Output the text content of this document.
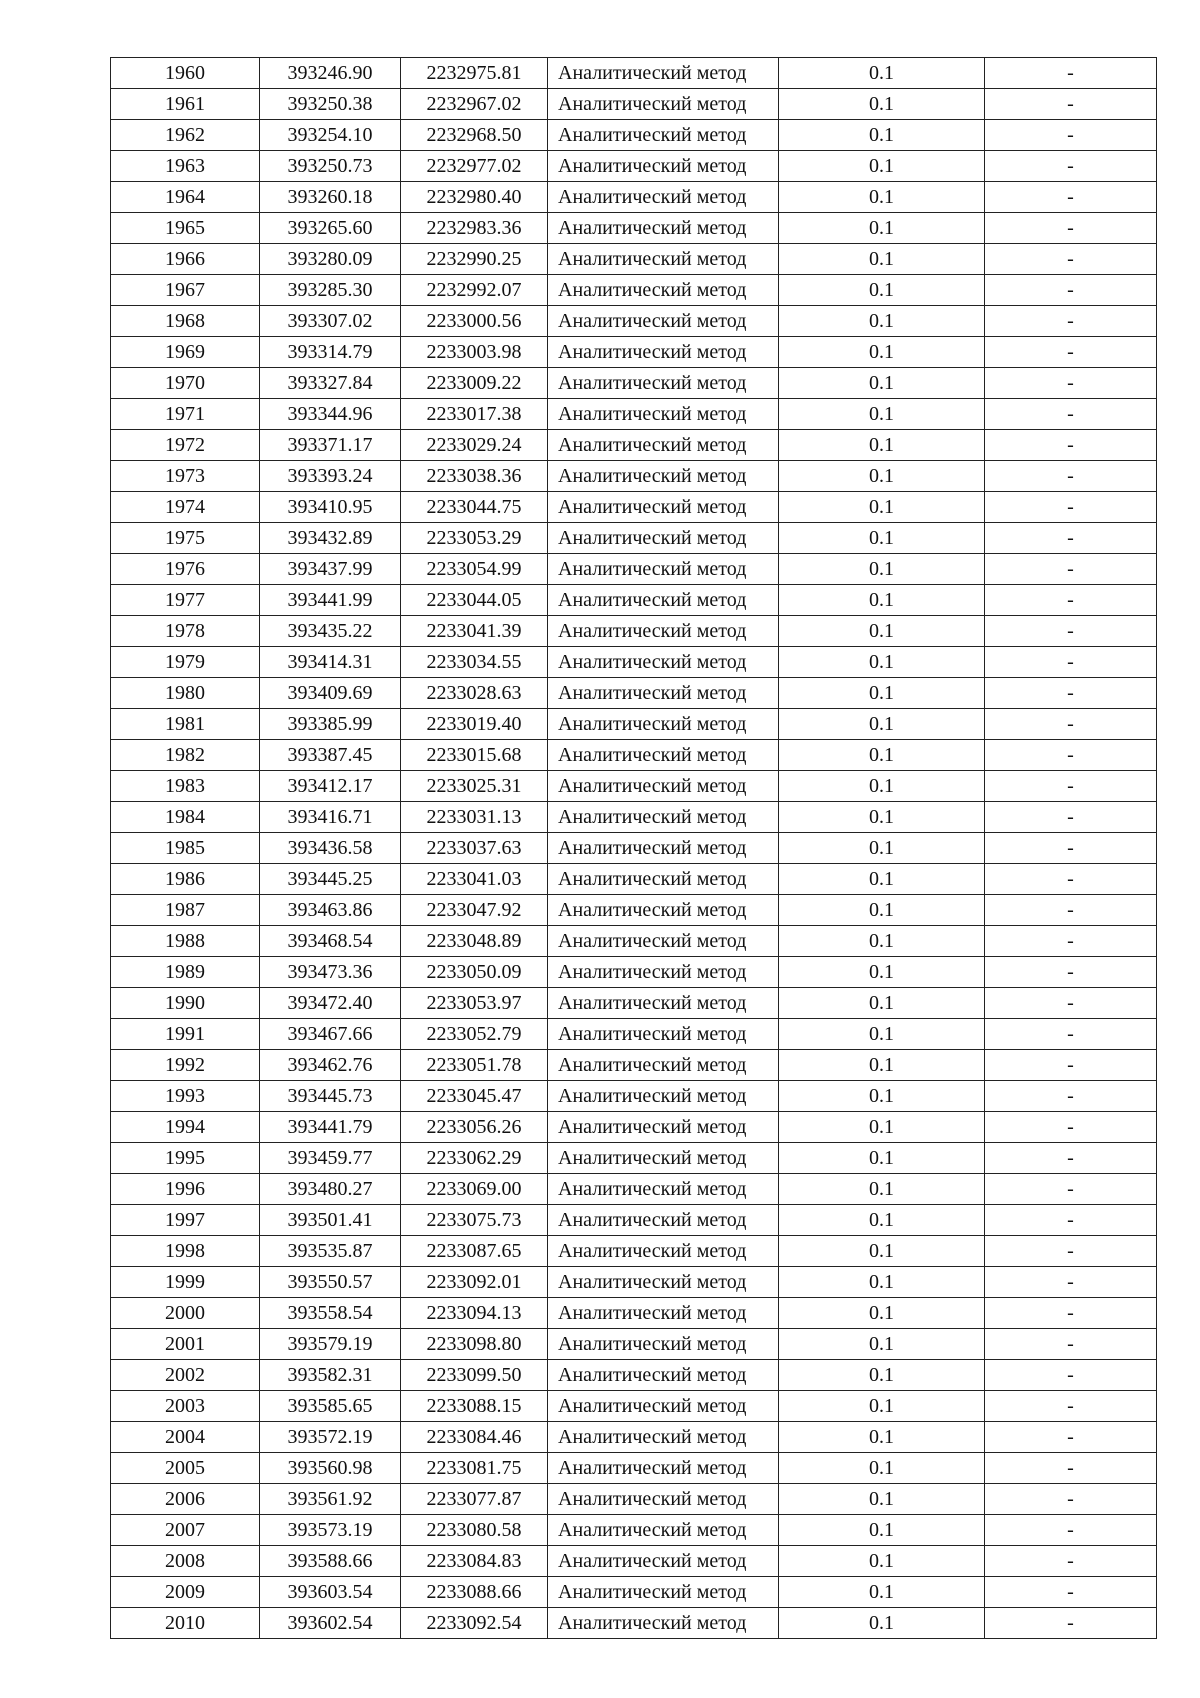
1960	393246.90	2232975.81	Аналитический метод	0.1	-
1961	393250.38	2232967.02	Аналитический метод	0.1	-
1962	393254.10	2232968.50	Аналитический метод	0.1	-
1963	393250.73	2232977.02	Аналитический метод	0.1	-
1964	393260.18	2232980.40	Аналитический метод	0.1	-
1965	393265.60	2232983.36	Аналитический метод	0.1	-
1966	393280.09	2232990.25	Аналитический метод	0.1	-
1967	393285.30	2232992.07	Аналитический метод	0.1	-
1968	393307.02	2233000.56	Аналитический метод	0.1	-
1969	393314.79	2233003.98	Аналитический метод	0.1	-
1970	393327.84	2233009.22	Аналитический метод	0.1	-
1971	393344.96	2233017.38	Аналитический метод	0.1	-
1972	393371.17	2233029.24	Аналитический метод	0.1	-
1973	393393.24	2233038.36	Аналитический метод	0.1	-
1974	393410.95	2233044.75	Аналитический метод	0.1	-
1975	393432.89	2233053.29	Аналитический метод	0.1	-
1976	393437.99	2233054.99	Аналитический метод	0.1	-
1977	393441.99	2233044.05	Аналитический метод	0.1	-
1978	393435.22	2233041.39	Аналитический метод	0.1	-
1979	393414.31	2233034.55	Аналитический метод	0.1	-
1980	393409.69	2233028.63	Аналитический метод	0.1	-
1981	393385.99	2233019.40	Аналитический метод	0.1	-
1982	393387.45	2233015.68	Аналитический метод	0.1	-
1983	393412.17	2233025.31	Аналитический метод	0.1	-
1984	393416.71	2233031.13	Аналитический метод	0.1	-
1985	393436.58	2233037.63	Аналитический метод	0.1	-
1986	393445.25	2233041.03	Аналитический метод	0.1	-
1987	393463.86	2233047.92	Аналитический метод	0.1	-
1988	393468.54	2233048.89	Аналитический метод	0.1	-
1989	393473.36	2233050.09	Аналитический метод	0.1	-
1990	393472.40	2233053.97	Аналитический метод	0.1	-
1991	393467.66	2233052.79	Аналитический метод	0.1	-
1992	393462.76	2233051.78	Аналитический метод	0.1	-
1993	393445.73	2233045.47	Аналитический метод	0.1	-
1994	393441.79	2233056.26	Аналитический метод	0.1	-
1995	393459.77	2233062.29	Аналитический метод	0.1	-
1996	393480.27	2233069.00	Аналитический метод	0.1	-
1997	393501.41	2233075.73	Аналитический метод	0.1	-
1998	393535.87	2233087.65	Аналитический метод	0.1	-
1999	393550.57	2233092.01	Аналитический метод	0.1	-
2000	393558.54	2233094.13	Аналитический метод	0.1	-
2001	393579.19	2233098.80	Аналитический метод	0.1	-
2002	393582.31	2233099.50	Аналитический метод	0.1	-
2003	393585.65	2233088.15	Аналитический метод	0.1	-
2004	393572.19	2233084.46	Аналитический метод	0.1	-
2005	393560.98	2233081.75	Аналитический метод	0.1	-
2006	393561.92	2233077.87	Аналитический метод	0.1	-
2007	393573.19	2233080.58	Аналитический метод	0.1	-
2008	393588.66	2233084.83	Аналитический метод	0.1	-
2009	393603.54	2233088.66	Аналитический метод	0.1	-
2010	393602.54	2233092.54	Аналитический метод	0.1	-
